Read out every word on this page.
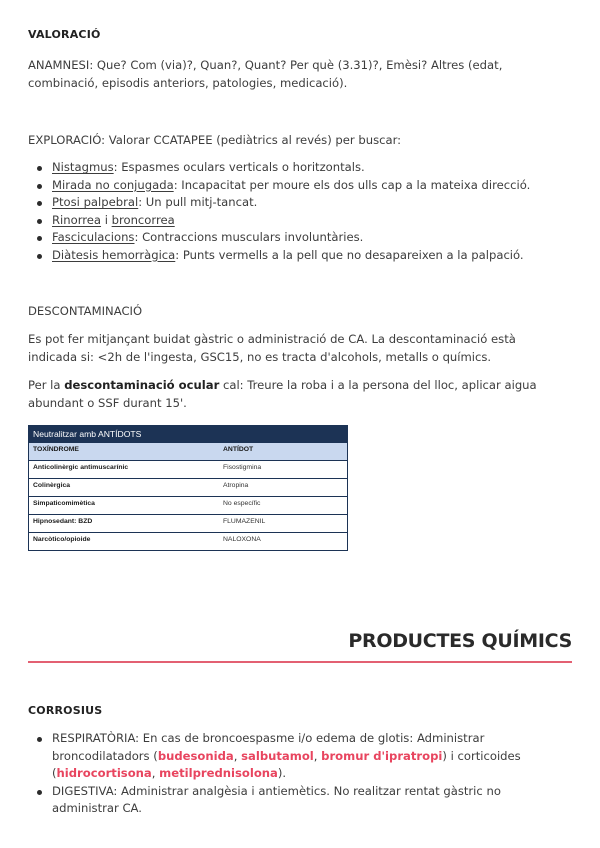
VALORACIÓ
ANAMNESI: Que? Com (via)?, Quan?, Quant? Per què (3.31)?, Emèsi? Altres (edat, combinació, episodis anteriors, patologies, medicació).
EXPLORACIÓ: Valorar CCATAPEE (pediàtrics al revés) per buscar:
Nistagmus: Espasmes oculars verticals o horitzontals.
Mirada no conjugada: Incapacitat per moure els dos ulls cap a la mateixa direcció.
Ptosi palpebral: Un pull mitj-tancat.
Rinorrea i broncorrea
Fasciculacions: Contraccions musculars involuntàries.
Diàtesis hemorràgica: Punts vermells a la pell que no desapareixen a la palpació.
DESCONTAMINACIÓ
Es pot fer mitjançant buidat gàstric o administració de CA. La descontaminació està indicada si: <2h de l'ingesta, GSC15, no es tracta d'alcohols, metalls o químics.
Per la descontaminació ocular cal: Treure la roba i a la persona del lloc, aplicar aigua abundant o SSF durant 15'.
Neutralitzar amb ANTÍDOTS
TOXÍNDROME	ANTÍDOT
Anticolinèrgic antimuscarínic	Fisostigmina
Colinèrgica	Atropina
Simpaticomimètica	No específic
Hipnosedant: BZD	FLUMAZENIL
Narcòtico/opioide	NALOXONA
PRODUCTES QUÍMICS
CORROSIUS
RESPIRATÒRIA: En cas de broncoespasme i/o edema de glotis: Administrar broncodilatadors (budesonida, salbutamol, bromur d'ipratropi) i corticoides (hidrocortisona, metilprednisolona).
DIGESTIVA: Administrar analgèsia i antiemètics. No realitzar rentat gàstric no administrar CA.
